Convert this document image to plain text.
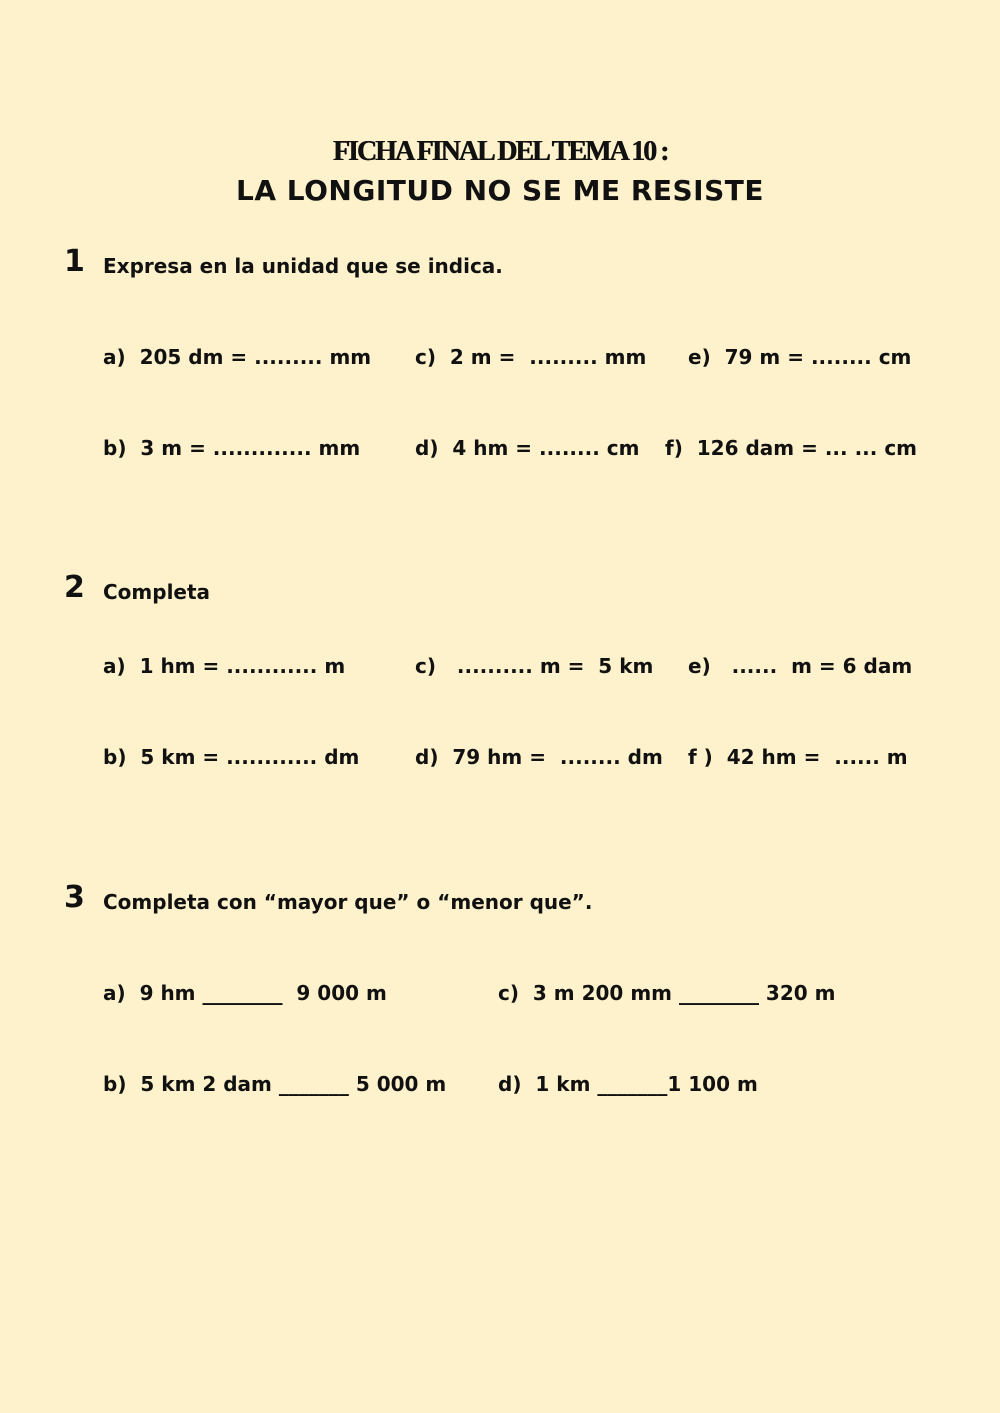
FICHA FINAL DEL TEMA 10 :
LA LONGITUD NO SE ME RESISTE
1 Expresa en la unidad que se indica.
a)  205 dm = ......... mm c)  2 m =  ......... mm e)  79 m = ........ cm
b)  3 m = ............. mm	d)  4 hm = ........ cm f)  126 dam = ... ... cm
2 Completa
a)  1 hm = ............ m	c)   .......... m =  5 km e)   ......  m = 6 dam
b)  5 km = ............ dm	d)  79 hm =  ........ dm f )  42 hm =  ...... m
3 Completa con “mayor que” o “menor que”.
a)  9 hm ________  9 000 m	c)  3 m 200 mm ________ 320 m
b)  5 km 2 dam _______ 5 000 m	d)  1 km _______1 100 m
